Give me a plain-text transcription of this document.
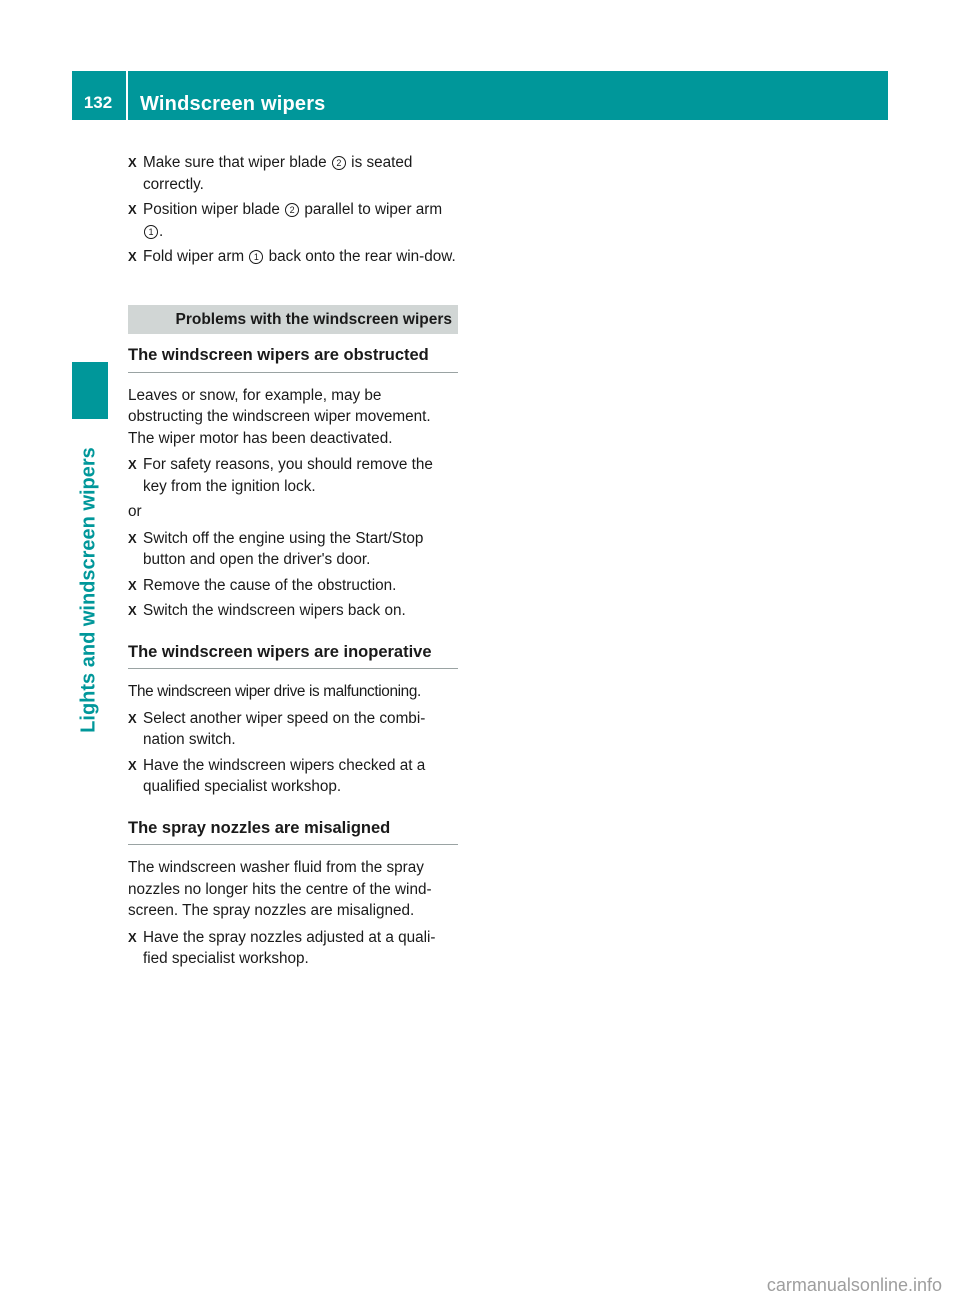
132	Windscreen wipers
Lights and windscreen wipers
X Make sure that wiper blade 2 is seated correctly.
X Position wiper blade 2 parallel to wiper arm 1 .
X Fold wiper arm 1 back onto the rear win-dow.
Problems with the windscreen wipers
The windscreen wipers are obstructed
Leaves or snow, for example, may be obstructing the windscreen wiper movement. The wiper motor has been deactivated.
X For safety reasons, you should remove the key from the ignition lock.
or
X Switch off the engine using the Start/Stop button and open the driver's door.
X Remove the cause of the obstruction.
X Switch the windscreen wipers back on.
The windscreen wipers are inoperative
The windscreen wiper drive is malfunctioning.
X Select another wiper speed on the combi-nation switch.
X Have the windscreen wipers checked at a qualified specialist workshop.
The spray nozzles are misaligned
The windscreen washer fluid from the spray nozzles no longer hits the centre of the wind-screen. The spray nozzles are misaligned.
X Have the spray nozzles adjusted at a quali-fied specialist workshop.
carmanualsonline.info
